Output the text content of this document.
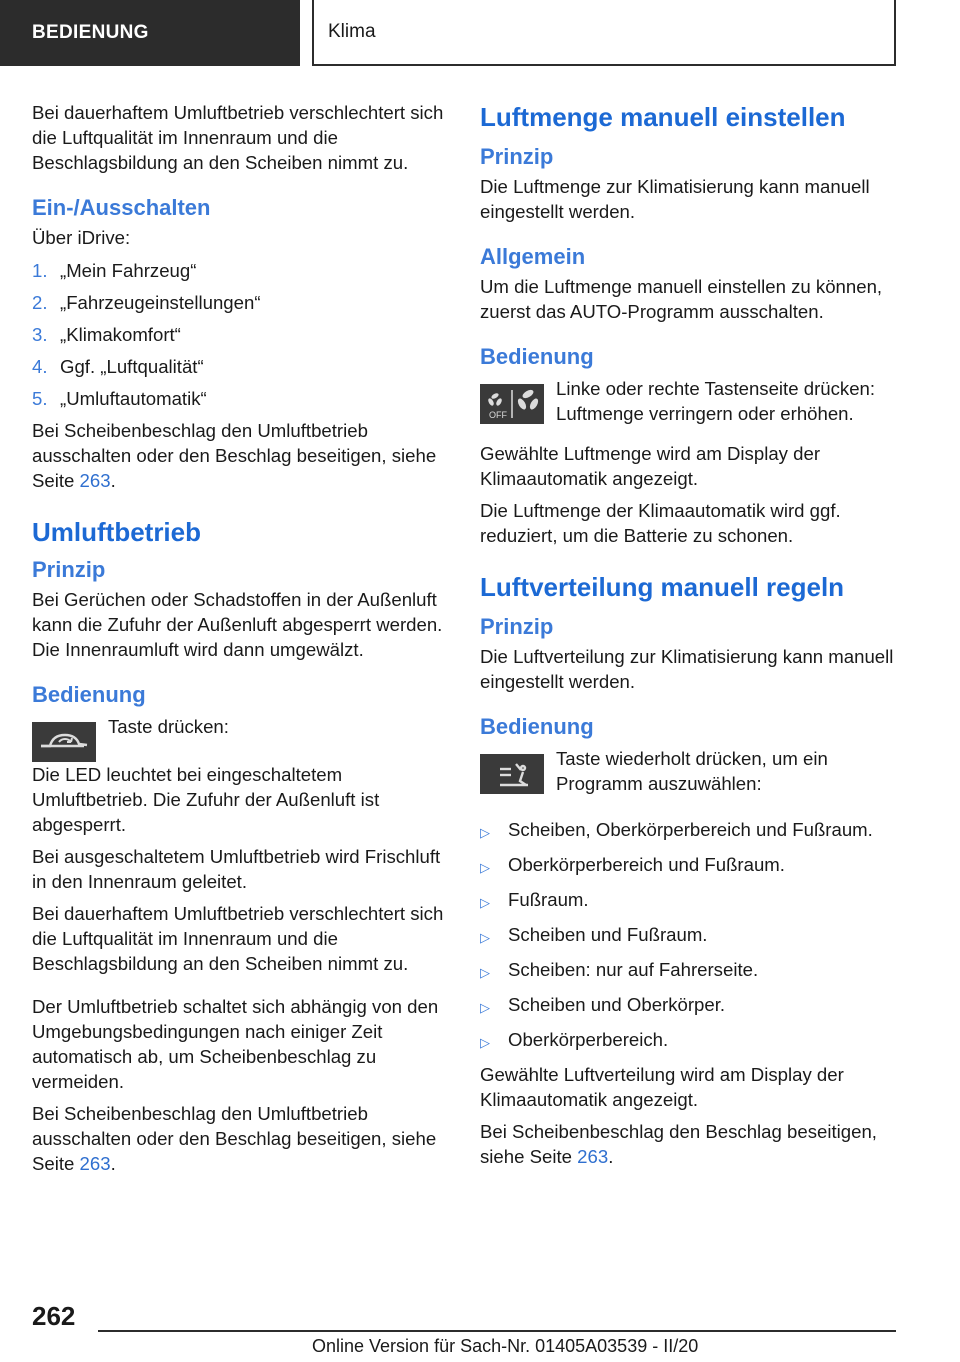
BEDIENUNG	Klima

Bei dauerhaftem Umluftbetrieb verschlechtert sich die Luftqualität im Innenraum und die Beschlagsbildung an den Scheiben nimmt zu.

Ein-/Ausschalten

Über iDrive:

1. „Mein Fahrzeug“
2. „Fahrzeugeinstellungen“
3. „Klimakomfort“
4. Ggf. „Luftqualität“
5. „Umluftautomatik“

Bei Scheibenbeschlag den Umluftbetrieb ausschalten oder den Beschlag beseitigen, siehe Seite 263.

Umluftbetrieb
Prinzip

Bei Gerüchen oder Schadstoffen in der Außenluft kann die Zufuhr der Außenluft abgesperrt werden. Die Innenraumluft wird dann umgewälzt.

Bedienung

Taste drücken:

Die LED leuchtet bei eingeschaltetem Umluftbetrieb. Die Zufuhr der Außenluft ist abgesperrt.

Bei ausgeschaltetem Umluftbetrieb wird Frischluft in den Innenraum geleitet.

Bei dauerhaftem Umluftbetrieb verschlechtert sich die Luftqualität im Innenraum und die Beschlagsbildung an den Scheiben nimmt zu.

Der Umluftbetrieb schaltet sich abhängig von den Umgebungsbedingungen nach einiger Zeit automatisch ab, um Scheibenbeschlag zu vermeiden.

Bei Scheibenbeschlag den Umluftbetrieb ausschalten oder den Beschlag beseitigen, siehe Seite 263.

Luftmenge manuell einstellen
Prinzip

Die Luftmenge zur Klimatisierung kann manuell eingestellt werden.

Allgemein

Um die Luftmenge manuell einstellen zu können, zuerst das AUTO-Programm ausschalten.

Bedienung
OFF

Linke oder rechte Tastenseite drücken: Luftmenge verringern oder erhöhen.

Gewählte Luftmenge wird am Display der Klimaautomatik angezeigt.

Die Luftmenge der Klimaautomatik wird ggf. reduziert, um die Batterie zu schonen.

Luftverteilung manuell regeln
Prinzip

Die Luftverteilung zur Klimatisierung kann manuell eingestellt werden.

Bedienung

Taste wiederholt drücken, um ein Programm auszuwählen:

▷ Scheiben, Oberkörperbereich und Fußraum.
▷ Oberkörperbereich und Fußraum.
▷ Fußraum.
▷ Scheiben und Fußraum.
▷ Scheiben: nur auf Fahrerseite.
▷ Scheiben und Oberkörper.
▷ Oberkörperbereich.

Gewählte Luftverteilung wird am Display der Klimaautomatik angezeigt.

Bei Scheibenbeschlag den Beschlag beseitigen, siehe Seite 263.

262
Online Version für Sach-Nr. 01405A03539 - II/20
